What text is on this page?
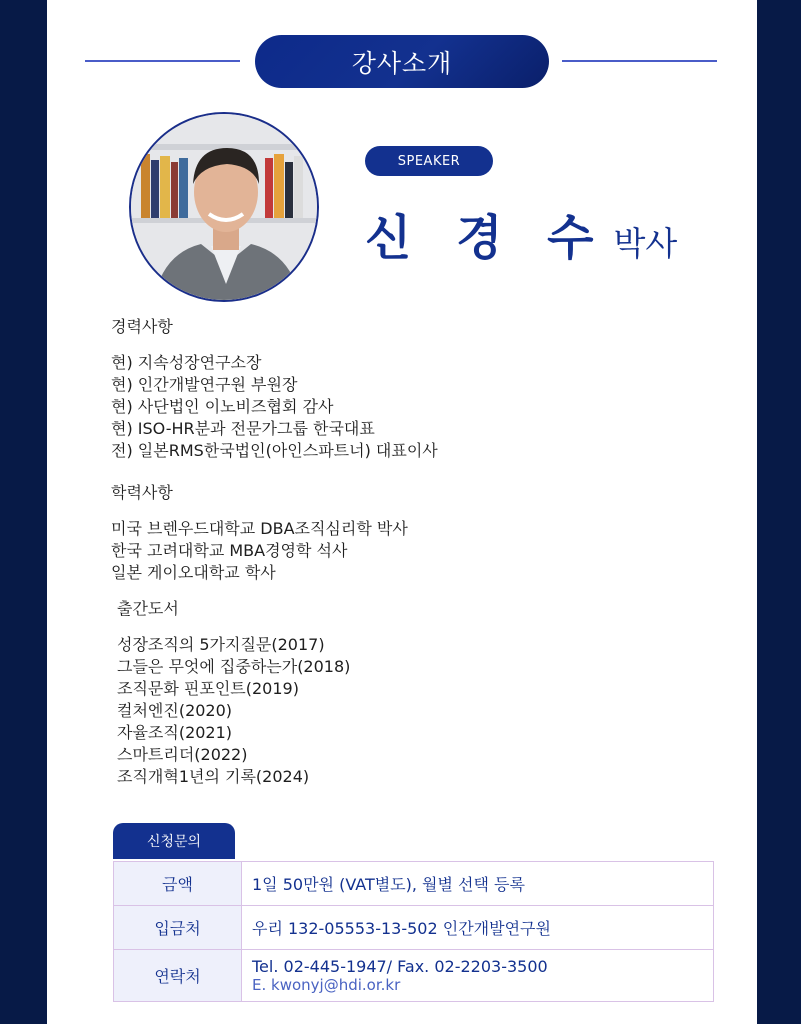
강사소개
SPEAKER
신 경 수 박사
경력사항
현) 지속성장연구소장
현) 인간개발연구원 부원장
현) 사단법인 이노비즈협회 감사
현) ISO-HR분과 전문가그룹 한국대표
전) 일본RMS한국법인(아인스파트너) 대표이사
학력사항
미국 브렌우드대학교 DBA조직심리학 박사
한국 고려대학교 MBA경영학 석사
일본 게이오대학교 학사
출간도서
성장조직의 5가지질문(2017)
그들은 무엇에 집중하는가(2018)
조직문화 핀포인트(2019)
컬처엔진(2020)
자율조직(2021)
스마트리더(2022)
조직개혁1년의 기록(2024)
신청문의
금액	1일 50만원 (VAT별도), 월별 선택 등록
입금처	우리 132-05553-13-502 인간개발연구원
연락처	Tel. 02-445-1947/ Fax. 02-2203-3500
E. kwonyj@hdi.or.kr
